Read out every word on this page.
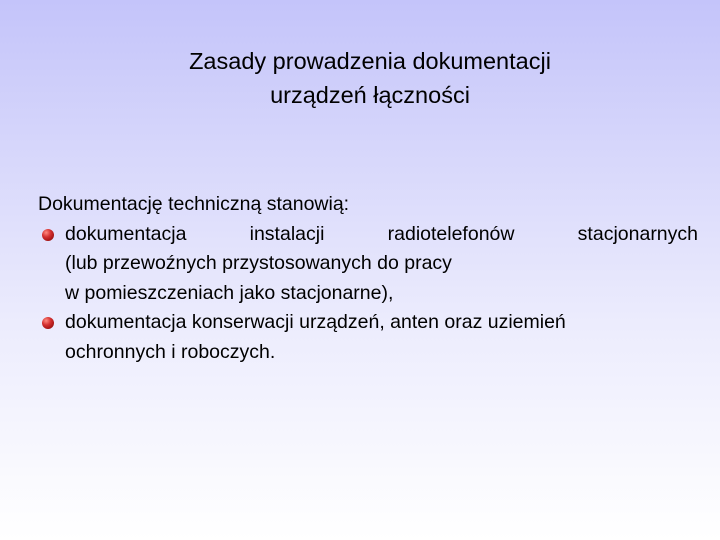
Zasady prowadzenia dokumentacji
urządzeń łączności
Dokumentację techniczną stanowią:
dokumentacja instalacji radiotelefonów stacjonarnych
(lub przewoźnych przystosowanych do pracy
w pomieszczeniach jako stacjonarne),
dokumentacja konserwacji urządzeń, anten oraz uziemień
ochronnych i roboczych.
